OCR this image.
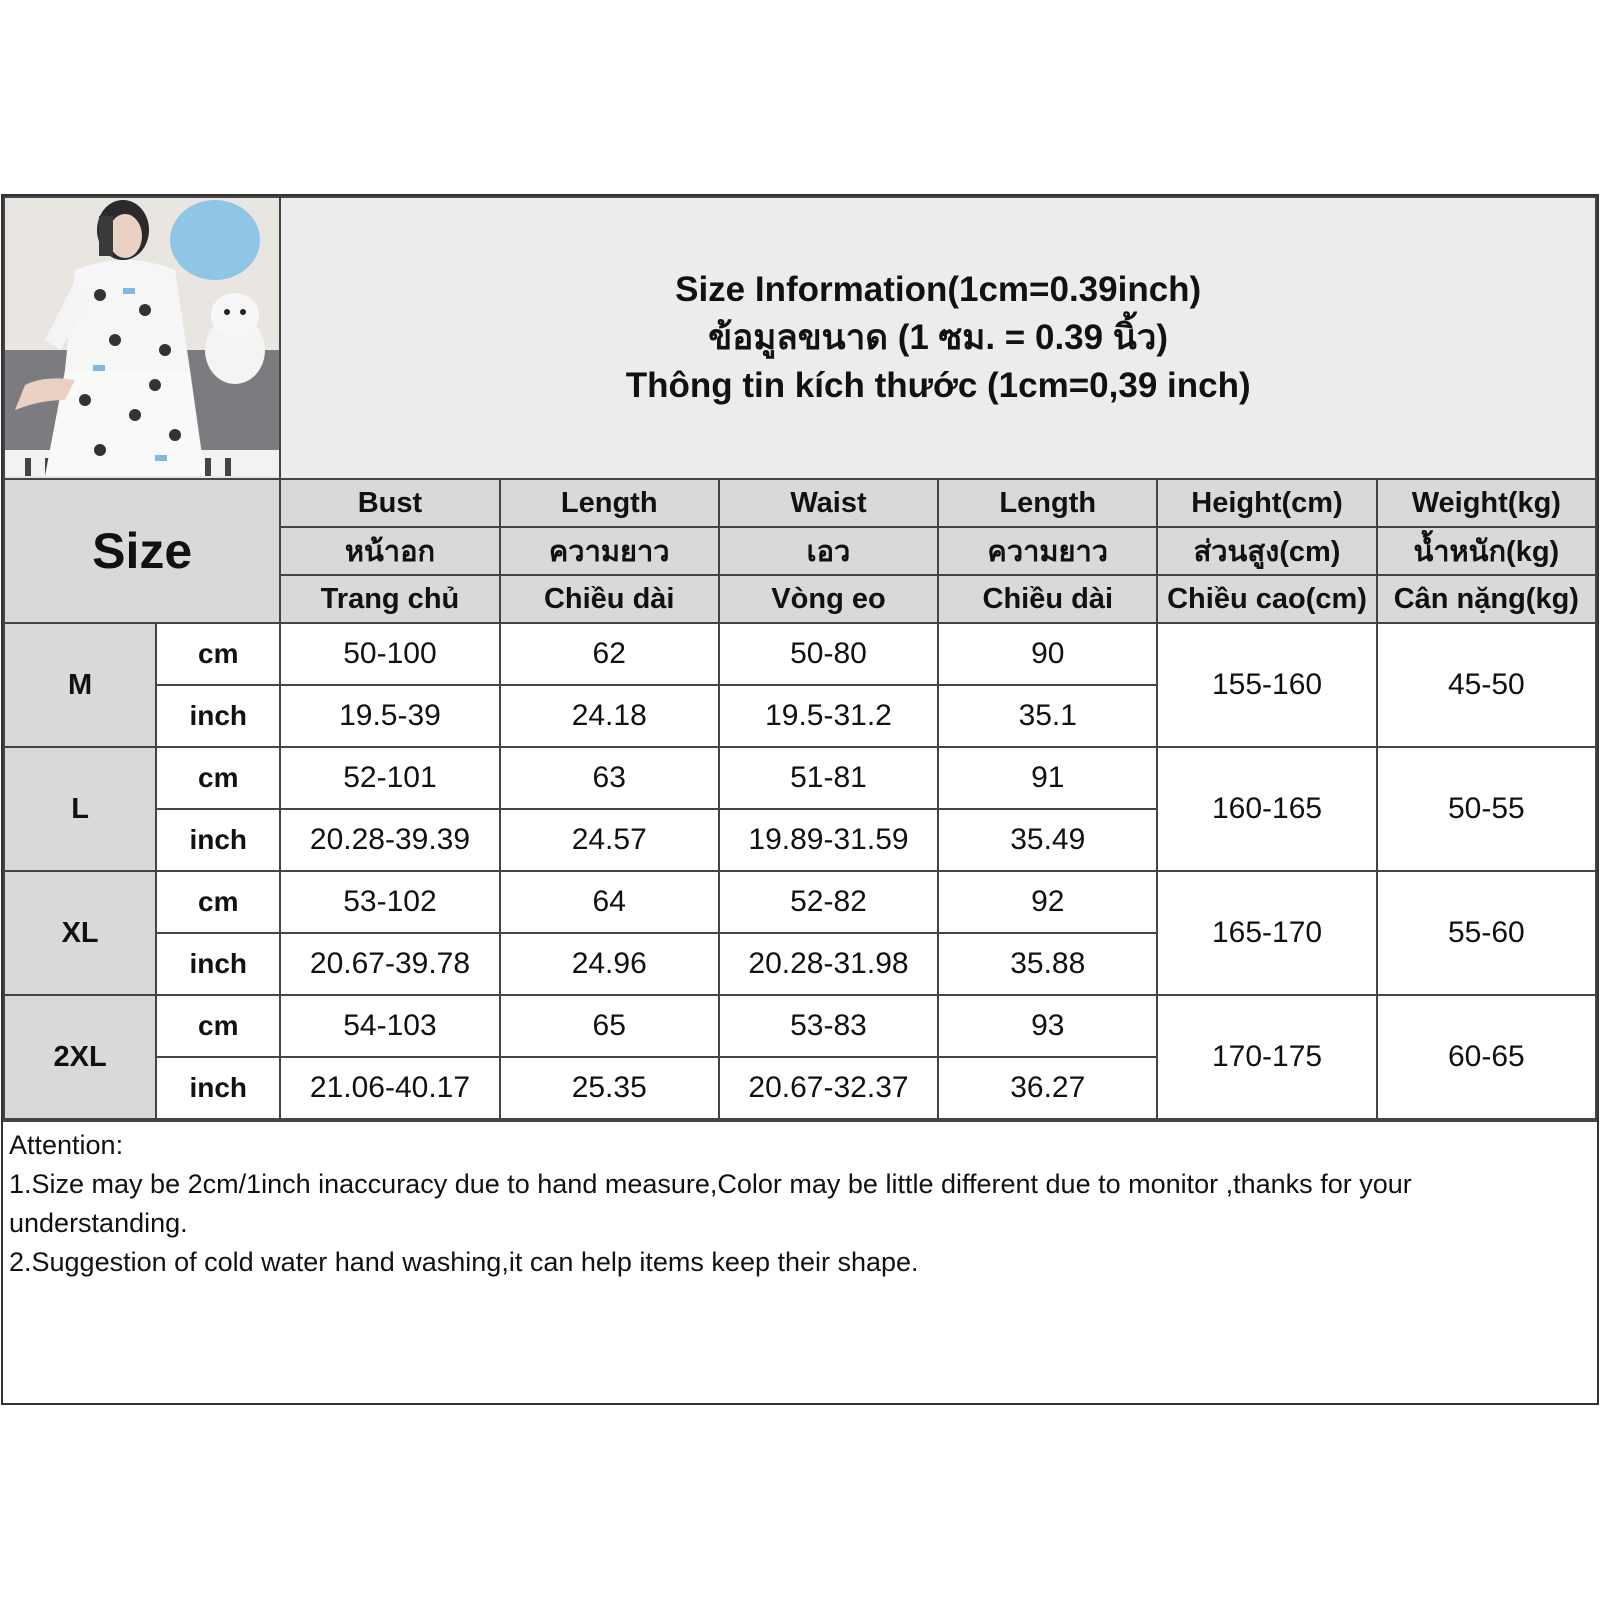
Size Information(1cm=0.39inch)
ข้อมูลขนาด (1 ซม. = 0.39 นิ้ว)
Thông tin kích thước (1cm=0,39 inch)					

Size		Bust	Length	Waist	Length	Height(cm)	Weight(kg)
		หน้าอก	ความยาว	เอว	ความยาว	ส่วนสูง(cm)	น้ำหนัก(kg)
		Trang chủ	Chiều dài	Vòng eo	Chiều dài	Chiều cao(cm)	Cân nặng(kg)
M	cm	50-100	62	50-80	90	155-160	45-50
	inch	19.5-39	24.18	19.5-31.2	35.1		
L	cm	52-101	63	51-81	91	160-165	50-55
	inch	20.28-39.39	24.57	19.89-31.59	35.49		
XL	cm	53-102	64	52-82	92	165-170	55-60
	inch	20.67-39.78	24.96	20.28-31.98	35.88		
2XL	cm	54-103	65	53-83	93	170-175	60-65
	inch	21.06-40.17	25.35	20.67-32.37	36.27		
Attention:
1.Size may be 2cm/1inch inaccuracy due to hand measure,Color may be little different due to monitor ,thanks for your understanding.
2.Suggestion of cold water hand washing,it can help items keep their shape.
